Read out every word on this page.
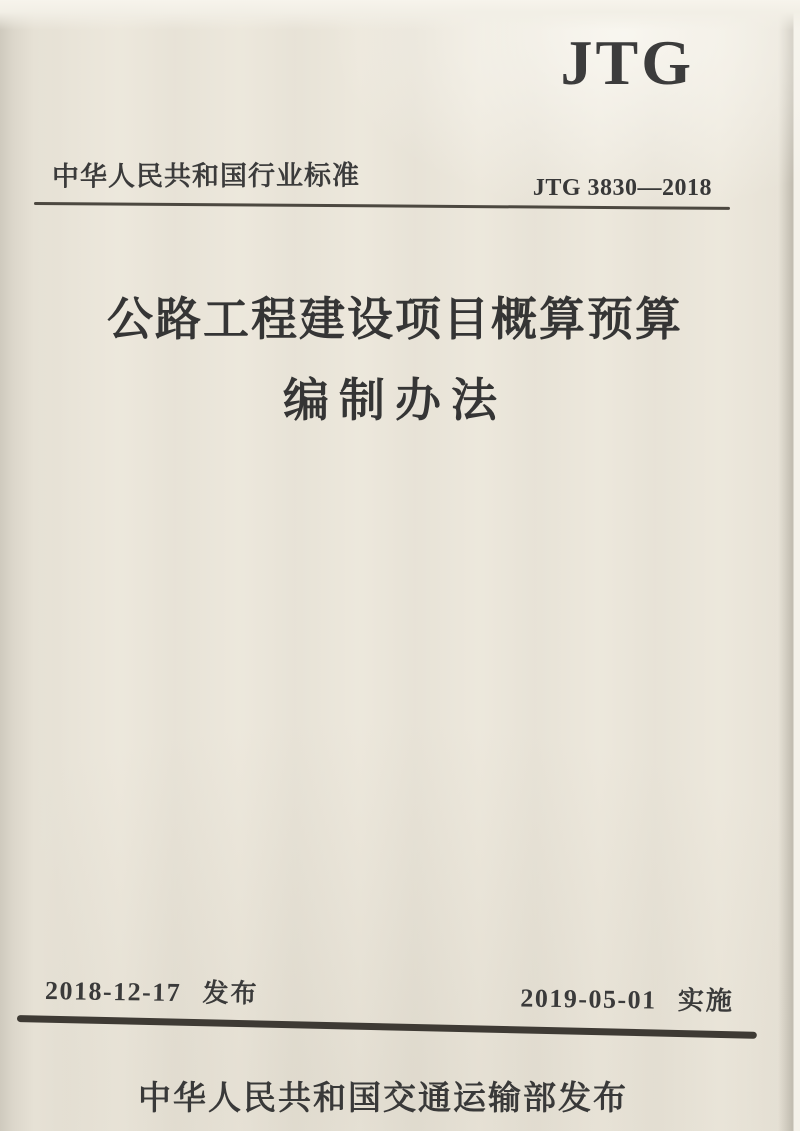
JTG
中华人民共和国行业标准	JTG 3830—2018
公路工程建设项目概算预算
编制办法
2018-12-17 发布	2019-05-01 实施
中华人民共和国交通运输部发布
